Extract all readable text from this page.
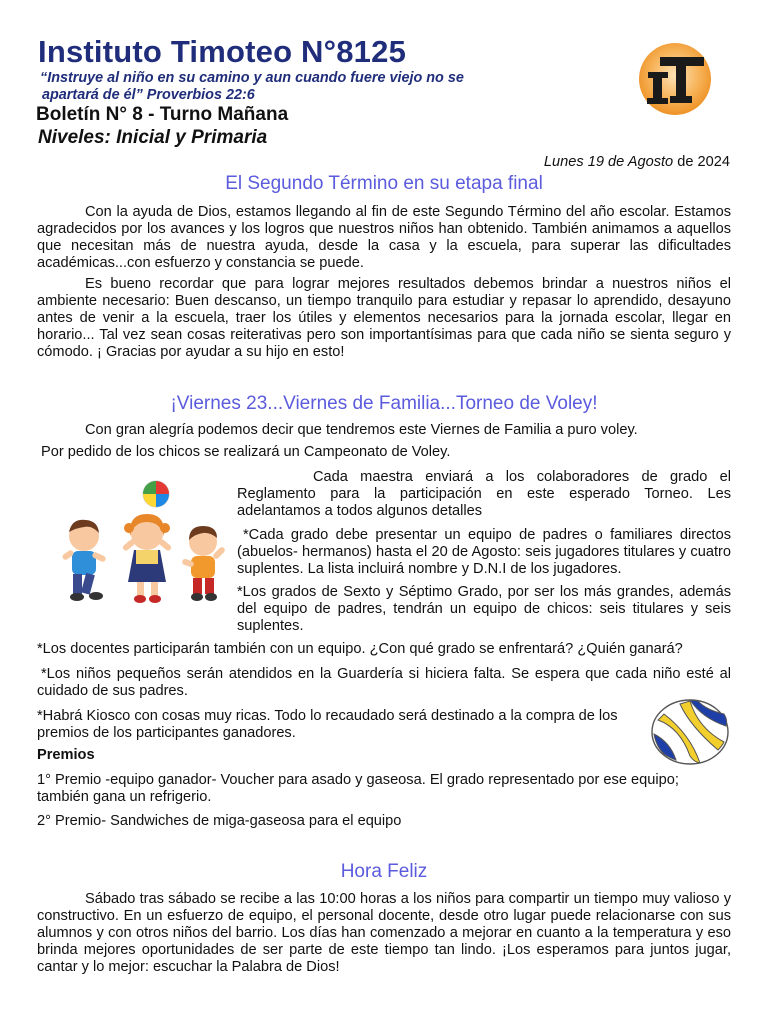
Instituto Timoteo N°8125
“Instruye al niño en su camino y aun cuando fuere viejo no se
apartará de él” Proverbios 22:6
Boletín N° 8 - Turno Mañana
Niveles: Inicial y Primaria
Lunes 19 de Agosto de 2024
El Segundo Término en su etapa final
Con la ayuda de Dios, estamos llegando al fin de este Segundo Término del año escolar. Estamos agradecidos por los avances y los logros que nuestros niños han obtenido. También animamos a aquellos que necesitan más de nuestra ayuda, desde la casa y la escuela, para superar las dificultades académicas...con esfuerzo y constancia se puede.
Es bueno recordar que para lograr mejores resultados debemos brindar a nuestros niños el ambiente necesario: Buen descanso, un tiempo tranquilo para estudiar y repasar lo aprendido, desayuno antes de venir a la escuela, traer los útiles y elementos necesarios para la jornada escolar, llegar en horario... Tal vez sean cosas reiterativas pero son importantísimas para que cada niño se sienta seguro y cómodo. ¡ Gracias por ayudar a su hijo en esto!
¡Viernes 23...Viernes de Familia...Torneo de Voley!
Con gran alegría podemos decir que tendremos este Viernes de Familia a puro voley.
Por pedido de los chicos se realizará un Campeonato de Voley.
Cada maestra enviará a los colaboradores de grado el Reglamento para la participación en este esperado Torneo. Les adelantamos a todos algunos detalles
*Cada grado debe presentar un equipo de padres o familiares directos (abuelos- hermanos) hasta el 20 de Agosto: seis jugadores titulares y cuatro suplentes. La lista incluirá nombre y D.N.I de los jugadores.
*Los grados de Sexto y Séptimo Grado, por ser los más grandes, además del equipo de padres, tendrán un equipo de chicos: seis titulares y seis suplentes.
*Los docentes participarán también con un equipo. ¿Con qué grado se enfrentará? ¿Quién ganará?
*Los niños pequeños serán atendidos en la Guardería si hiciera falta. Se espera que cada niño esté al cuidado de sus padres.
*Habrá Kiosco con cosas muy ricas. Todo lo recaudado será destinado a la compra de los premios de los participantes ganadores.
Premios
1° Premio -equipo ganador- Voucher para asado y gaseosa. El grado representado por ese equipo; también gana un refrigerio.
2° Premio- Sandwiches de miga-gaseosa para el equipo
Hora Feliz
Sábado tras sábado se recibe a las 10:00 horas a los niños para compartir un tiempo muy valioso y constructivo. En un esfuerzo de equipo, el personal docente, desde otro lugar puede relacionarse con sus alumnos y con otros niños del barrio. Los días han comenzado a mejorar en cuanto a la temperatura y eso brinda mejores oportunidades de ser parte de este tiempo tan lindo. ¡Los esperamos para juntos jugar, cantar y lo mejor: escuchar la Palabra de Dios!
